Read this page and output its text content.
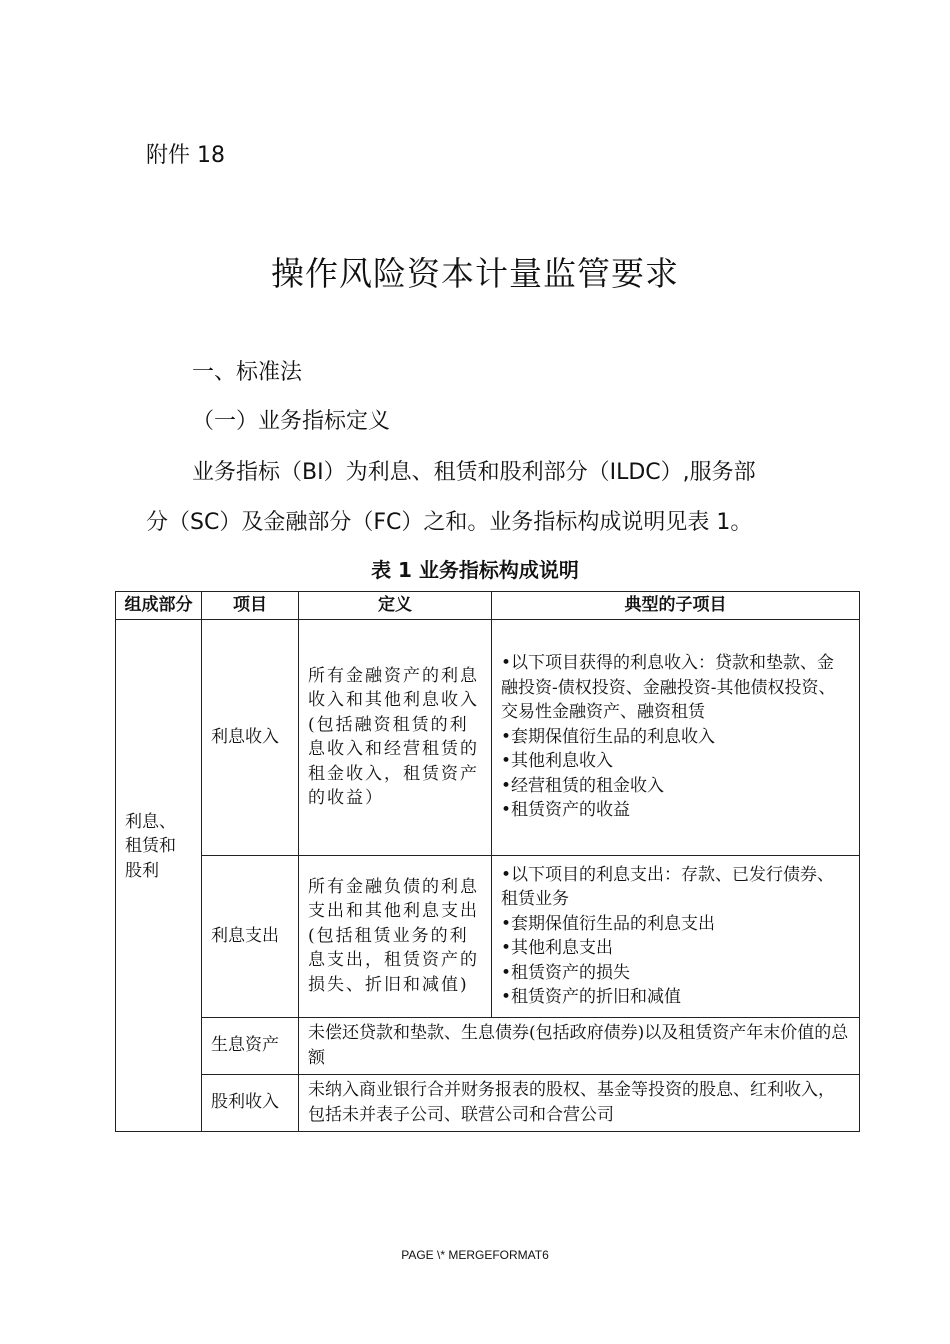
附件 18
操作风险资本计量监管要求
一、标准法
（一）业务指标定义
业务指标（BI）为利息、租赁和股利部分（ILDC）,服务部
分（SC）及金融部分（FC）之和。业务指标构成说明见表 1。
表 1 业务指标构成说明
组成部分	项目	定义	典型的子项目
利息、租赁和股利	利息收入	所有金融资产的利息收入和其他利息收入(包括融资租赁的利息收入和经营租赁的租金收入，租赁资产的收益）	•以下项目获得的利息收入：贷款和垫款、金融投资-债权投资、金融投资-其他债权投资、交易性金融资产、融资租赁
•套期保值衍生品的利息收入
•其他利息收入
•经营租赁的租金收入
•租赁资产的收益

	利息支出	所有金融负债的利息支出和其他利息支出(包括租赁业务的利息支出，租赁资产的损失、折旧和减值)	•以下项目的利息支出：存款、已发行债券、租赁业务
•套期保值衍生品的利息支出
•其他利息支出
•租赁资产的损失
•租赁资产的折旧和减值

	生息资产	未偿还贷款和垫款、生息债券(包括政府债券)以及租赁资产年末价值的总额	
	股利收入	未纳入商业银行合并财务报表的股权、基金等投资的股息、红利收入，包括未并表子公司、联营公司和合营公司	
PAGE \* MERGEFORMAT6
